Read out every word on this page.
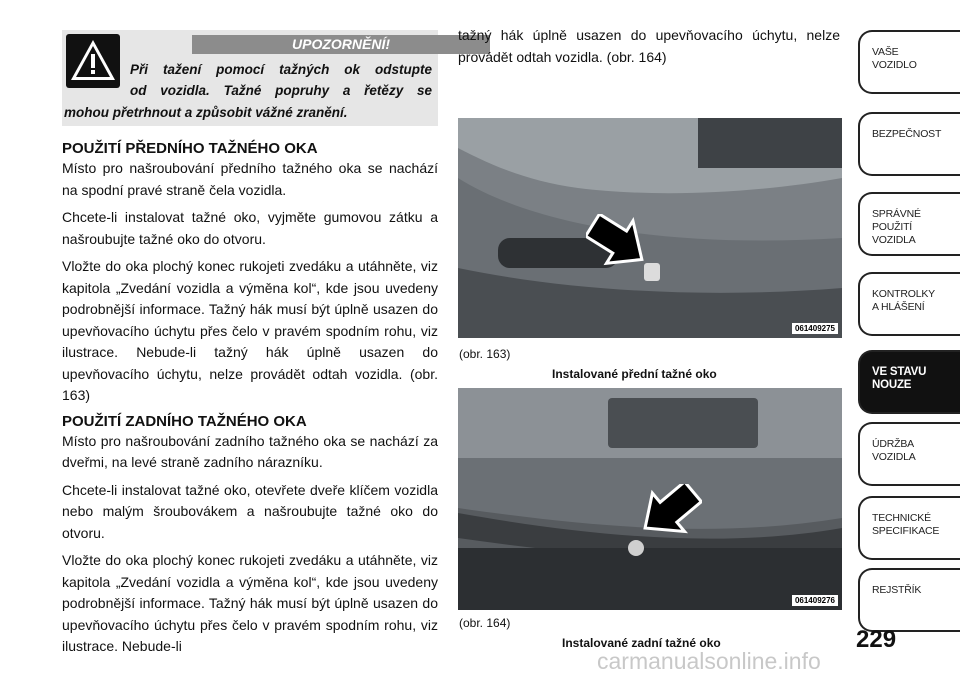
UPOZORNĚNÍ!
Při tažení pomocí tažných ok odstupte
od vozidla. Tažné popruhy a řetězy se
mohou přetrhnout a způsobit vážné zranění.
POUŽITÍ PŘEDNÍHO TAŽNÉHO OKA

Místo pro našroubování předního tažného oka se nachází na spodní pravé straně čela vozidla.

Chcete-li instalovat tažné oko, vyjměte gumovou zátku a našroubujte tažné oko do otvoru.

Vložte do oka plochý konec rukojeti zvedáku a utáhněte, viz kapitola „Zvedání vozidla a výměna kol“, kde jsou uvedeny podrobnější informace. Tažný hák musí být úplně usazen do upevňovacího úchytu přes čelo v pravém spodním rohu, viz ilustrace. Nebude-li tažný hák úplně usazen do upevňovacího úchytu, nelze provádět odtah vozidla. (obr. 163)

POUŽITÍ ZADNÍHO TAŽNÉHO OKA

Místo pro našroubování zadního tažného oka se nachází za dveřmi, na levé straně zadního nárazníku.

Chcete-li instalovat tažné oko, otevřete dveře klíčem vozidla nebo malým šroubovákem a našroubujte tažné oko do otvoru.

Vložte do oka plochý konec rukojeti zvedáku a utáhněte, viz kapitola „Zvedání vozidla a výměna kol“, kde jsou uvedeny podrobnější informace. Tažný hák musí být úplně usazen do upevňovacího úchytu přes čelo v pravém spodním rohu, viz ilustrace. Nebude-li

tažný hák úplně usazen do upevňovacího úchytu, nelze provádět odtah vozidla. (obr. 164)

061409275
(obr. 163)
Instalované přední tažné oko
061409276
(obr. 164)
Instalované zadní tažné oko
VAŠE
VOZIDLO
BEZPEČNOST
SPRÁVNÉ
POUŽITÍ
VOZIDLA
KONTROLKY
A HLÁŠENÍ
VE STAVU
NOUZE
ÚDRŽBA
VOZIDLA
TECHNICKÉ
SPECIFIKACE
REJSTŘÍK
229
carmanualsonline.info
